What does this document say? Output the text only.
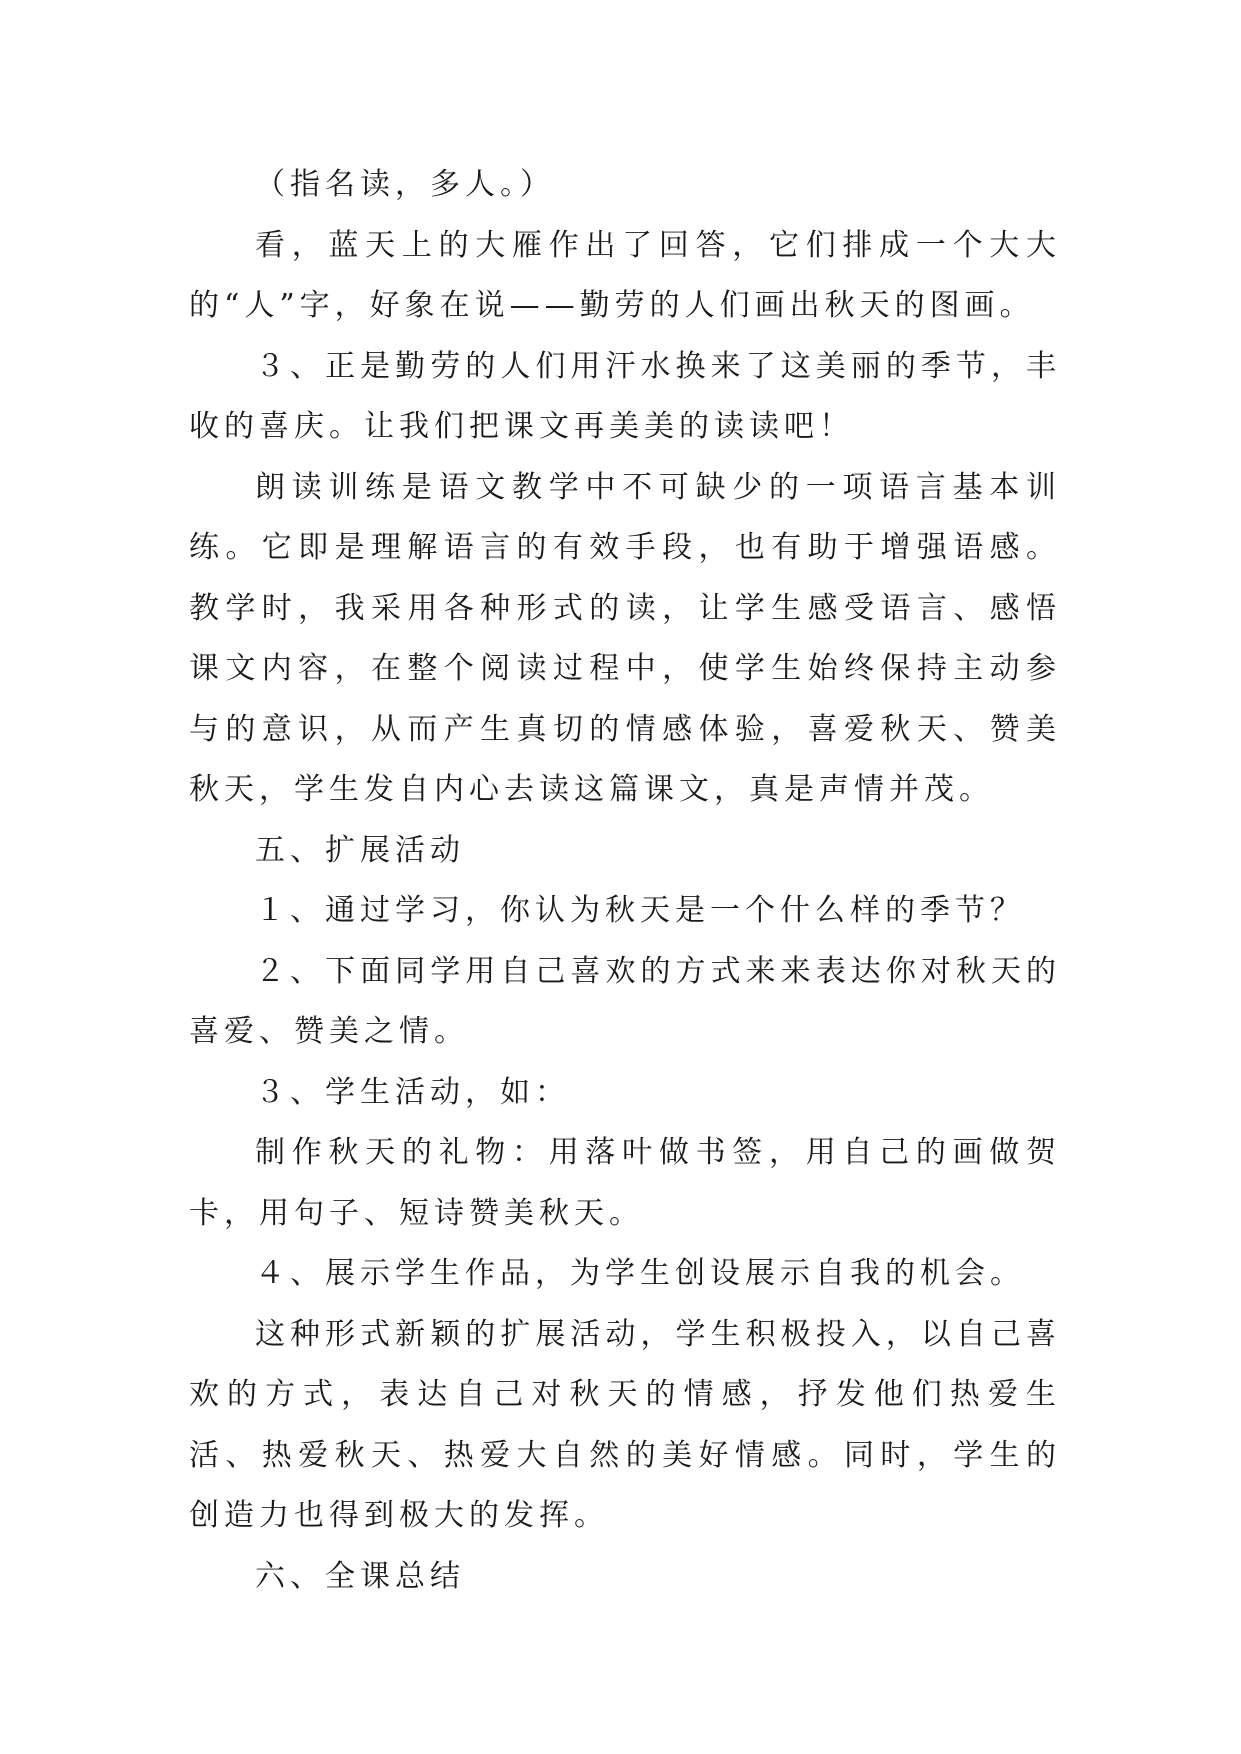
（指名读，多人。）

看，蓝天上的大雁作出了回答，它们排成一个大大的“人”字，好象在说——勤劳的人们画出秋天的图画。

３、正是勤劳的人们用汗水换来了这美丽的季节，丰收的喜庆。让我们把课文再美美的读读吧！

朗读训练是语文教学中不可缺少的一项语言基本训练。它即是理解语言的有效手段，也有助于增强语感。教学时，我采用各种形式的读，让学生感受语言、感悟课文内容，在整个阅读过程中，使学生始终保持主动参与的意识，从而产生真切的情感体验，喜爱秋天、赞美秋天，学生发自内心去读这篇课文，真是声情并茂。

五、扩展活动

１、通过学习，你认为秋天是一个什么样的季节？

２、下面同学用自己喜欢的方式来来表达你对秋天的喜爱、赞美之情。

３、学生活动，如：

制作秋天的礼物：用落叶做书签，用自己的画做贺卡，用句子、短诗赞美秋天。

４、展示学生作品，为学生创设展示自我的机会。

这种形式新颖的扩展活动，学生积极投入，以自己喜欢的方式，表达自己对秋天的情感，抒发他们热爱生活、热爱秋天、热爱大自然的美好情感。同时，学生的创造力也得到极大的发挥。

六、全课总结
